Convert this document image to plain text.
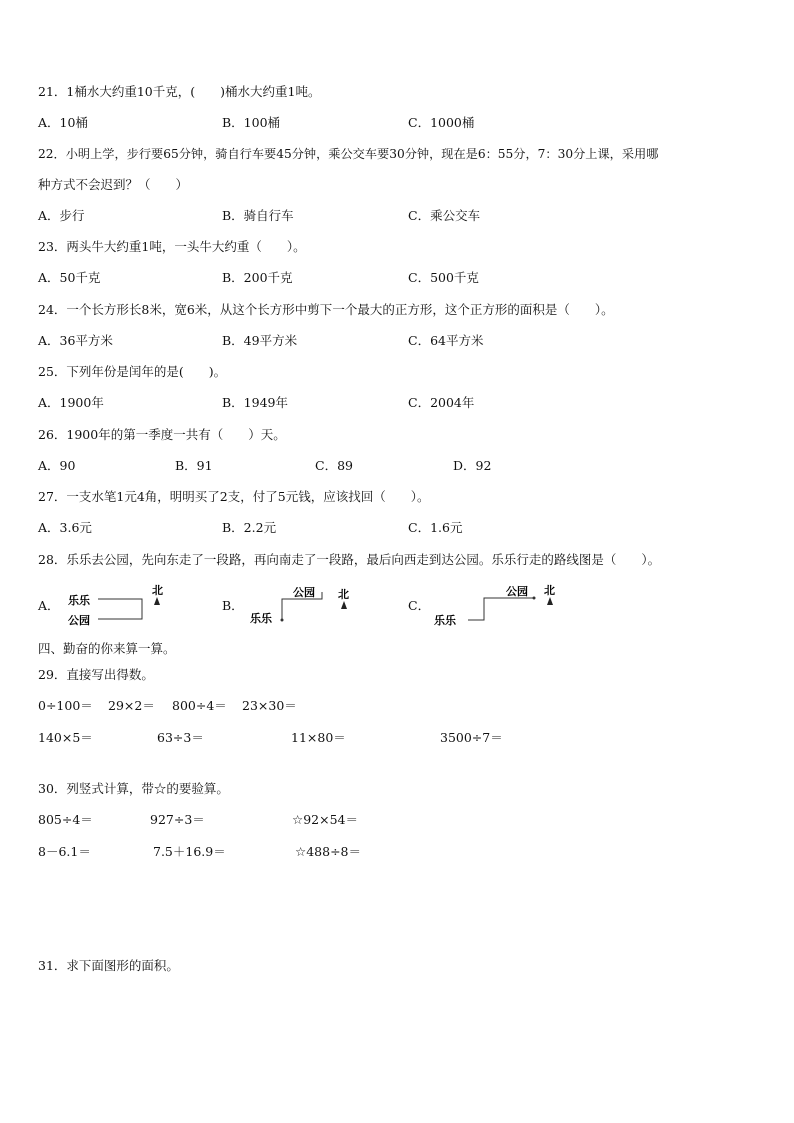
21．1桶水大约重10千克，(　　)桶水大约重1吨。
A．10桶	B．100桶	C．1000桶
22．小明上学，步行要65分钟，骑自行车要45分钟，乘公交车要30分钟，现在是6：55分，7：30分上课，采用哪
种方式不会迟到？（　　）
A．步行	B．骑自行车	C．乘公交车
23．两头牛大约重1吨，一头牛大约重（　　）。
A．50千克	B．200千克	C．500千克
24．一个长方形长8米，宽6米，从这个长方形中剪下一个最大的正方形，这个正方形的面积是（　　）。
A．36平方米	B．49平方米	C．64平方米
25．下列年份是闰年的是(　　)。
A．1900年	B．1949年	C．2004年
26．1900年的第一季度一共有（　　）天。
A．90	B．91	C．89	D．92
27．一支水笔1元4角，明明买了2支，付了5元钱，应该找回（　　）。
A．3.6元	B．2.2元	C．1.6元
28．乐乐去公园，先向东走了一段路，再向南走了一段路，最后向西走到达公园。乐乐行走的路线图是（　　）。
A． 乐乐
公园
北
B．
公园
乐乐
北
C．
公园
乐乐
北
四、勤奋的你来算一算。
29．直接写出得数。
0÷100＝ 29×2＝ 800÷4＝ 23×30＝
140×5＝	63÷3＝	11×80＝	3500÷7＝
30．列竖式计算，带☆的要验算。
805÷4＝	927÷3＝	☆92×54＝
8－6.1＝	7.5＋16.9＝	☆488÷8＝
31．求下面图形的面积。
